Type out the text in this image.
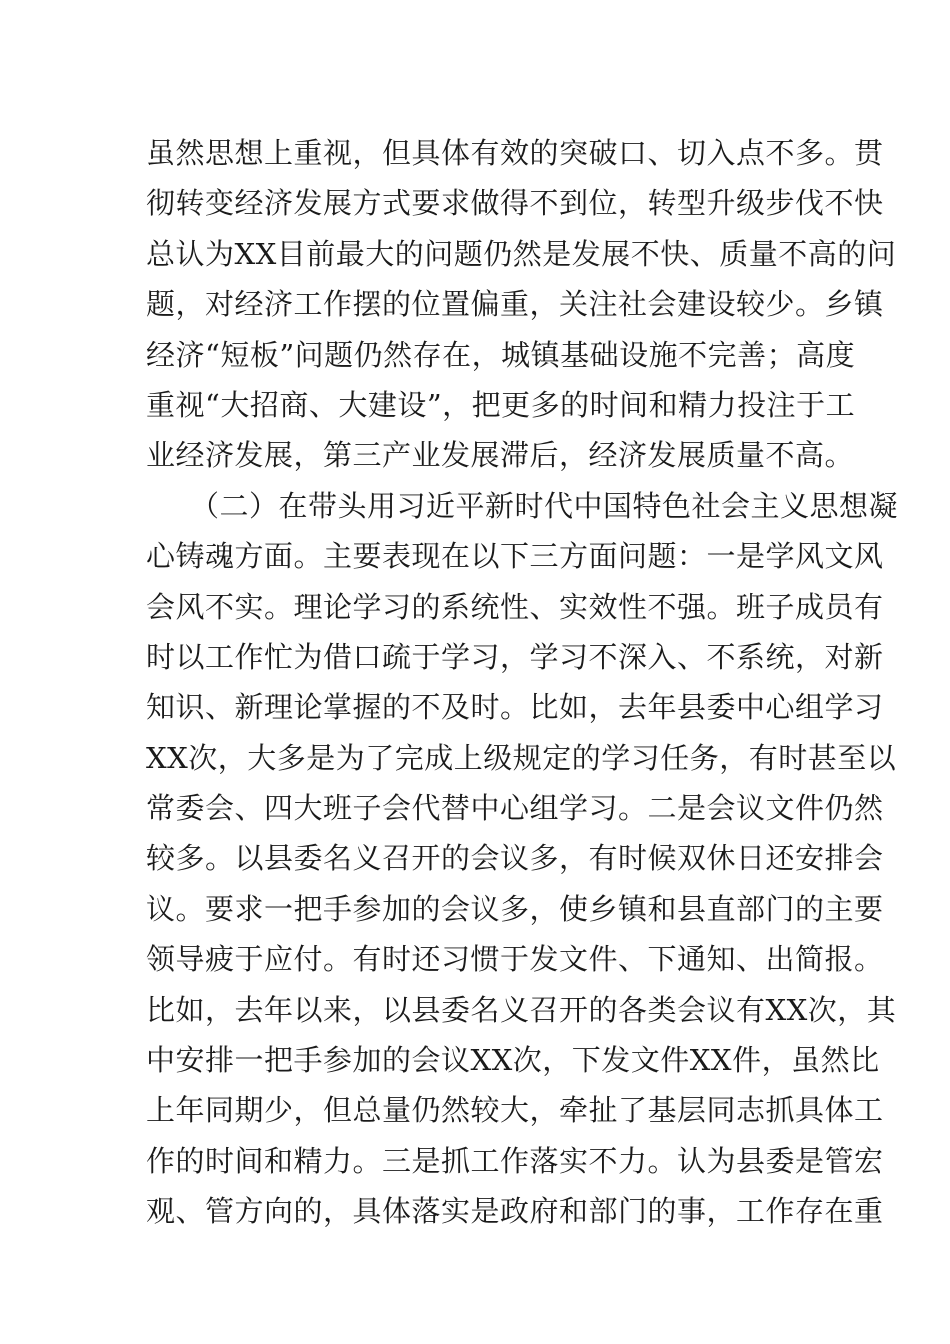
虽然思想上重视，但具体有效的突破口、切入点不多。贯
彻转变经济发展方式要求做得不到位，转型升级步伐不快
总认为XX目前最大的问题仍然是发展不快、质量不高的问
题，对经济工作摆的位置偏重，关注社会建设较少。乡镇
经济“短板”问题仍然存在，城镇基础设施不完善；高度
重视“大招商、大建设”，把更多的时间和精力投注于工
业经济发展，第三产业发展滞后，经济发展质量不高。
（二）在带头用习近平新时代中国特色社会主义思想凝
心铸魂方面。主要表现在以下三方面问题：一是学风文风
会风不实。理论学习的系统性、实效性不强。班子成员有
时以工作忙为借口疏于学习，学习不深入、不系统，对新
知识、新理论掌握的不及时。比如，去年县委中心组学习
XX次，大多是为了完成上级规定的学习任务，有时甚至以
常委会、四大班子会代替中心组学习。二是会议文件仍然
较多。以县委名义召开的会议多，有时候双休日还安排会
议。要求一把手参加的会议多，使乡镇和县直部门的主要
领导疲于应付。有时还习惯于发文件、下通知、出简报。
比如，去年以来，以县委名义召开的各类会议有XX次，其
中安排一把手参加的会议XX次，下发文件XX件，虽然比
上年同期少，但总量仍然较大，牵扯了基层同志抓具体工
作的时间和精力。三是抓工作落实不力。认为县委是管宏
观、管方向的，具体落实是政府和部门的事，工作存在重
